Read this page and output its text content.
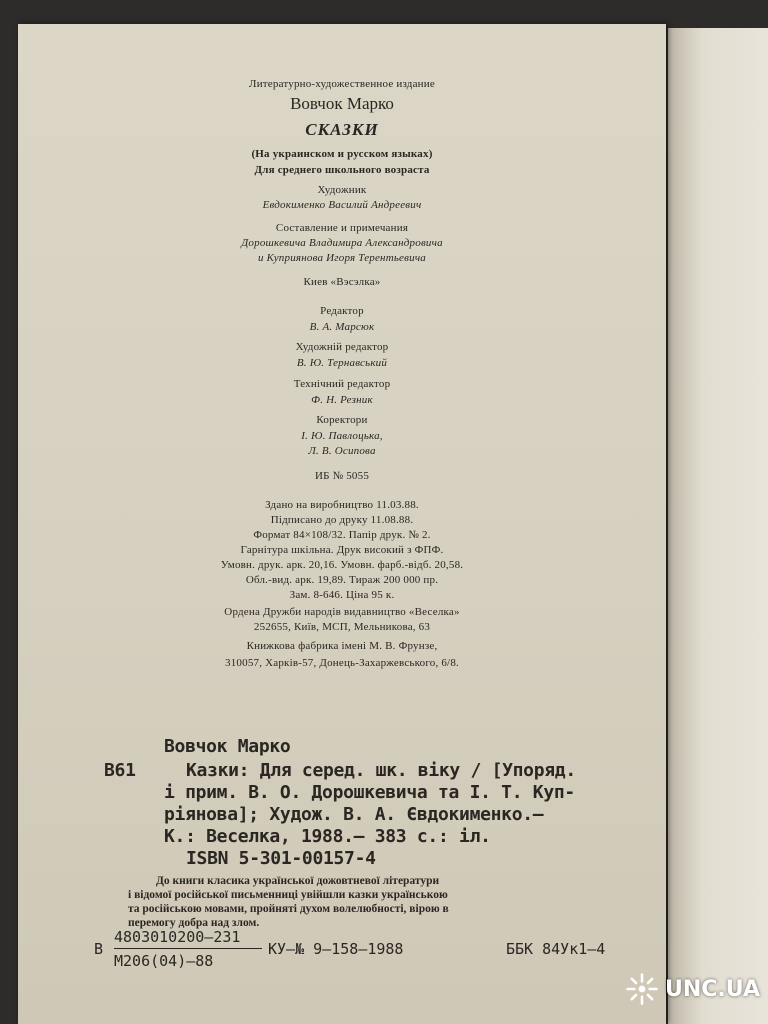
Литературно-художественное издание
Вовчок Марко
СКАЗКИ
(На украинском и русском языках)
Для среднего школьного возраста
Художник
Евдокименко Василий Андреевич
Составление и примечания
Дорошкевича Владимира Александровича
и Куприянова Игоря Терентьевича
Киев «Вэсэлка»
Редактор
В. А. Марсюк
Художній редактор
В. Ю. Тернавський
Технічний редактор
Ф. Н. Резник
Коректори
І. Ю. Павлоцька,
Л. В. Осипова
ИБ № 5055
Здано на виробництво 11.03.88.
Підписано до друку 11.08.88.
Формат 84×108/32. Папір друк. № 2.
Гарнітура шкільна. Друк високий з ФПФ.
Умовн. друк. арк. 20,16. Умовн. фарб.-відб. 20,58.
Обл.-вид. арк. 19,89. Тираж 200 000 пр.
Зам. 8-646. Ціна 95 к.
Ордена Дружби народів видавництво «Веселка»
252655, Київ, МСП, Мельникова, 63
Книжкова фабрика імені М. В. Фрунзе,
310057, Харків-57, Донець-Захаржевського, 6/8.
Вовчок Марко
В61	Казки: Для серед. шк. віку / [Упоряд.
і прим. В. О. Дорошкевича та І. Т. Куп-
рiянова]; Худож. В. А. Євдокименко.—
К.: Веселка, 1988.— 383 с.: іл.
ISBN 5-301-00157-4
До книги класика української дожовтневої літератури
і відомої російської письменниці увійшли казки українською
та російською мовами, пройняті духом волелюбності, вірою в
перемогу добра над злом.
В
4803010200—231
М206(04)—88
КУ—№ 9—158—1988	ББК 84Ук1—4
UNC.UA
